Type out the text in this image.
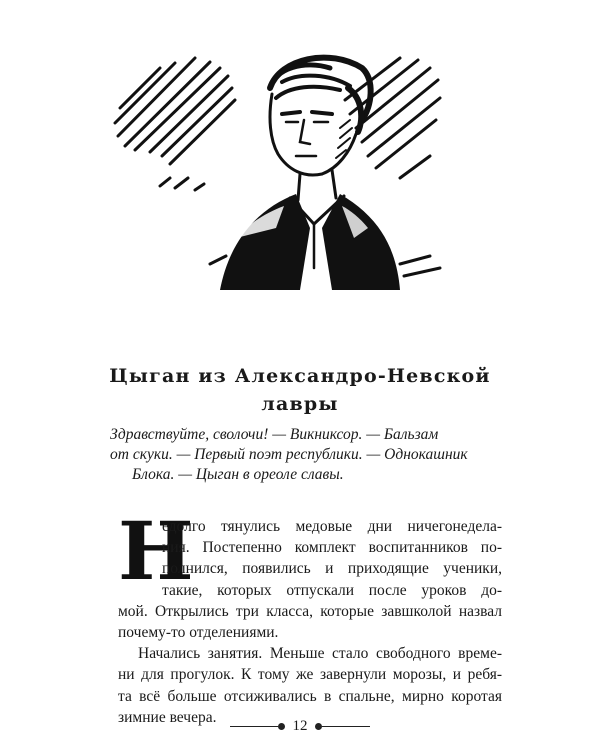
Цыган из Александро-Невской
лавры

Здравствуйте, сволочи! — Викниксор. — Бальзам
от скуки. — Первый поэт республики. — Однокашник
Блока. — Цыган в ореоле славы.

Н
едолго тянулись медовые дни ничегонедела-
ния. Постепенно комплект воспитанников по-
полнился, появились и приходящие ученики,
такие, которых отпускали после уроков до-
мой. Открылись три класса, которые завшколой назвал
почему-то отделениями.
Начались занятия. Меньше стало свободного време-
ни для прогулок. К тому же завернули морозы, и ребя-
та всё больше отсиживались в спальне, мирно коротая
зимние вечера.
12
